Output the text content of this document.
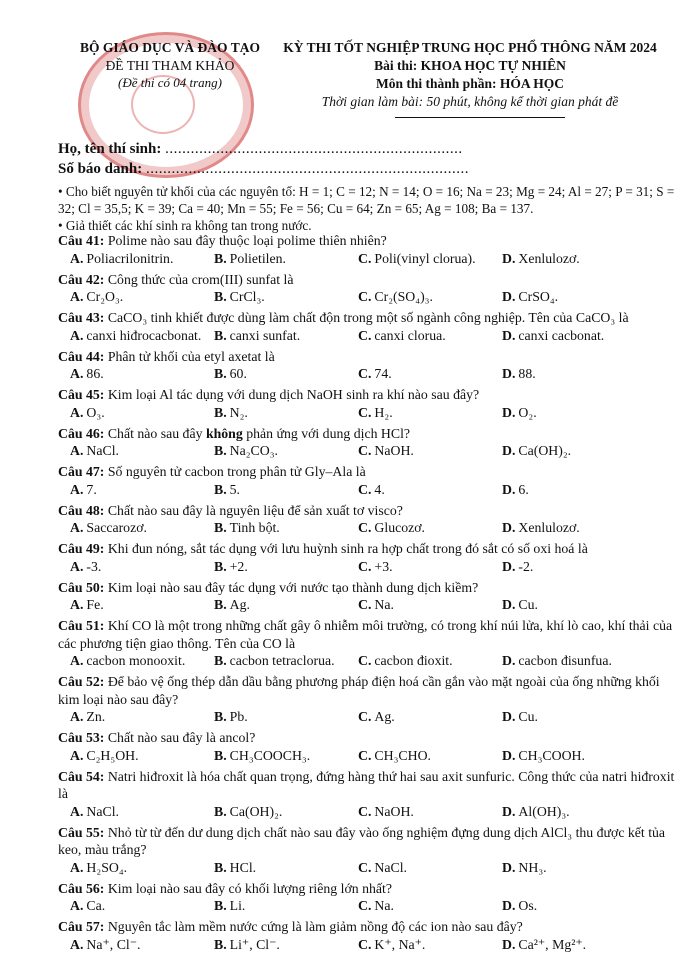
BỘ GIÁO DỤC VÀ ĐÀO TẠO
ĐỀ THI THAM KHẢO
(Đề thi có 04 trang)
KỲ THI TỐT NGHIỆP TRUNG HỌC PHỔ THÔNG NĂM 2024
Bài thi: KHOA HỌC TỰ NHIÊN
Môn thi thành phần: HÓA HỌC
Thời gian làm bài: 50 phút, không kể thời gian phát đề
Họ, tên thí sinh: ......................................................................
Số báo danh: ............................................................................
• Cho biết nguyên tử khối của các nguyên tố: H = 1; C = 12; N = 14; O = 16; Na = 23; Mg = 24; Al = 27; P = 31; S = 32; Cl = 35,5; K = 39; Ca = 40; Mn = 55; Fe = 56; Cu = 64; Zn = 65; Ag = 108; Ba = 137.
• Giả thiết các khí sinh ra không tan trong nước.
Câu 41: Polime nào sau đây thuộc loại polime thiên nhiên?
A. Poliacrilonitrin.	B. Polietilen.	C. Poli(vinyl clorua).	D. Xenlulozơ.
Câu 42: Công thức của crom(III) sunfat là
A. Cr₂O₃.	B. CrCl₃.	C. Cr₂(SO₄)₃.	D. CrSO₄.
Câu 43: CaCO₃ tinh khiết được dùng làm chất độn trong một số ngành công nghiệp. Tên của CaCO₃ là
A. canxi hiđrocacbonat. B. canxi sunfat.	C. canxi clorua.	D. canxi cacbonat.
Câu 44: Phân tử khối của etyl axetat là
A. 86.	B. 60.	C. 74.	D. 88.
Câu 45: Kim loại Al tác dụng với dung dịch NaOH sinh ra khí nào sau đây?
A. O₃.	B. N₂.	C. H₂.	D. O₂.
Câu 46: Chất nào sau đây không phản ứng với dung dịch HCl?
A. NaCl.	B. Na₂CO₃.	C. NaOH.	D. Ca(OH)₂.
Câu 47: Số nguyên tử cacbon trong phân tử Gly–Ala là
A. 7.	B. 5.	C. 4.	D. 6.
Câu 48: Chất nào sau đây là nguyên liệu để sản xuất tơ visco?
A. Saccarozơ.	B. Tinh bột.	C. Glucozơ.	D. Xenlulozơ.
Câu 49: Khi đun nóng, sắt tác dụng với lưu huỳnh sinh ra hợp chất trong đó sắt có số oxi hoá là
A. -3.	B. +2.	C. +3.	D. -2.
Câu 50: Kim loại nào sau đây tác dụng với nước tạo thành dung dịch kiềm?
A. Fe.	B. Ag.	C. Na.	D. Cu.
Câu 51: Khí CO là một trong những chất gây ô nhiễm môi trường, có trong khí núi lửa, khí lò cao, khí thải của các phương tiện giao thông. Tên của CO là
A. cacbon monooxit.	B. cacbon tetraclorua.	C. cacbon đioxit.	D. cacbon đisunfua.
Câu 52: Để bảo vệ ống thép dẫn dầu bằng phương pháp điện hoá cần gắn vào mặt ngoài của ống những khối kim loại nào sau đây?
A. Zn.	B. Pb.	C. Ag.	D. Cu.
Câu 53: Chất nào sau đây là ancol?
A. C₂H₅OH.	B. CH₃COOCH₃.	C. CH₃CHO.	D. CH₃COOH.
Câu 54: Natri hiđroxit là hóa chất quan trọng, đứng hàng thứ hai sau axit sunfuric. Công thức của natri hiđroxit là
A. NaCl.	B. Ca(OH)₂.	C. NaOH.	D. Al(OH)₃.
Câu 55: Nhỏ từ từ đến dư dung dịch chất nào sau đây vào ống nghiệm đựng dung dịch AlCl₃ thu được kết tủa keo, màu trắng?
A. H₂SO₄.	B. HCl.	C. NaCl.	D. NH₃.
Câu 56: Kim loại nào sau đây có khối lượng riêng lớn nhất?
A. Ca.	B. Li.	C. Na.	D. Os.
Câu 57: Nguyên tắc làm mềm nước cứng là làm giảm nồng độ các ion nào sau đây?
A. Na⁺, Cl⁻.	B. Li⁺, Cl⁻.	C. K⁺, Na⁺.	D. Ca²⁺, Mg²⁺.
